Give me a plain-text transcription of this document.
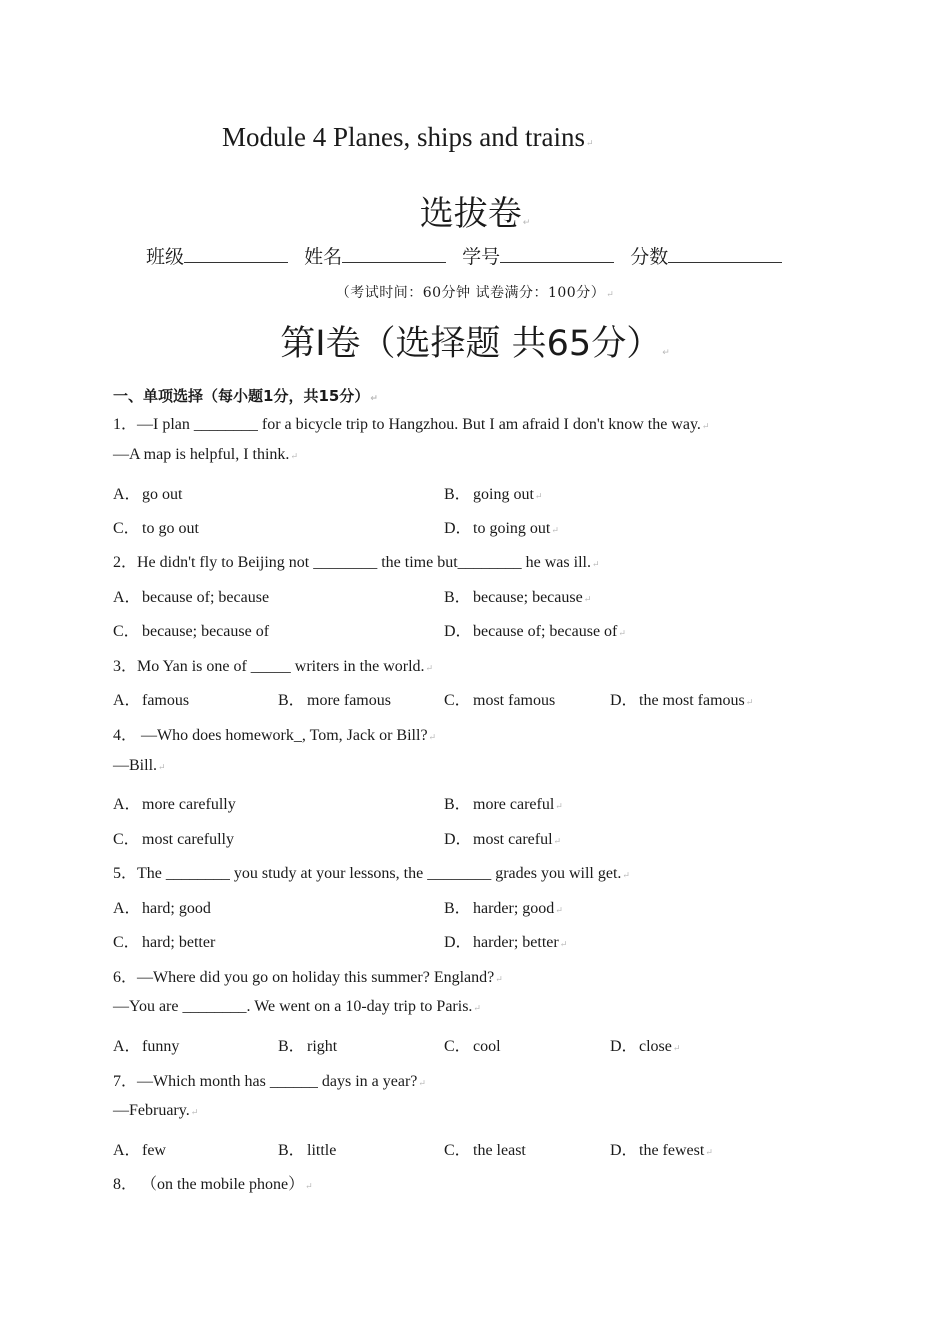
Module 4 Planes, ships and trains↵
选拔卷↵
班级	姓名	学号	分数
（考试时间：60分钟 试卷满分：100分）↵
第I卷（选择题 共65分）↵
一、单项选择（每小题1分，共15分）↵
1．—I plan ________ for a bicycle trip to Hangzhou. But I am afraid I don't know the way.↵
—A map is helpful, I think.↵
A．go out	B． going out↵
C． to go out	D．to going out↵
2．He didn't fly to Beijing not ________ the time but________ he was ill.↵
A．because of; because	B． because; because↵
C． because; because of	D．because of; because of↵
3．Mo Yan is one of _____ writers in the world.↵
A．famous	B． more famous	C． most famous	D．the most famous↵
4． —Who does homework_, Tom, Jack or Bill?↵
—Bill.↵
A．more carefully	B． more careful↵
C． most carefully	D．most careful↵
5．The ________ you study at your lessons, the ________ grades you will get.↵
A．hard; good	B． harder; good↵
C． hard; better	D．harder; better↵
6．—Where did you go on holiday this summer? England?↵
—You are ________. We went on a 10-day trip to Paris.↵
A．funny	B． right	C． cool	D．close↵
7．—Which month has ______ days in a year?↵
—February.↵
A．few	B． little	C． the least	D．the fewest↵
8． （on the mobile phone）↵
